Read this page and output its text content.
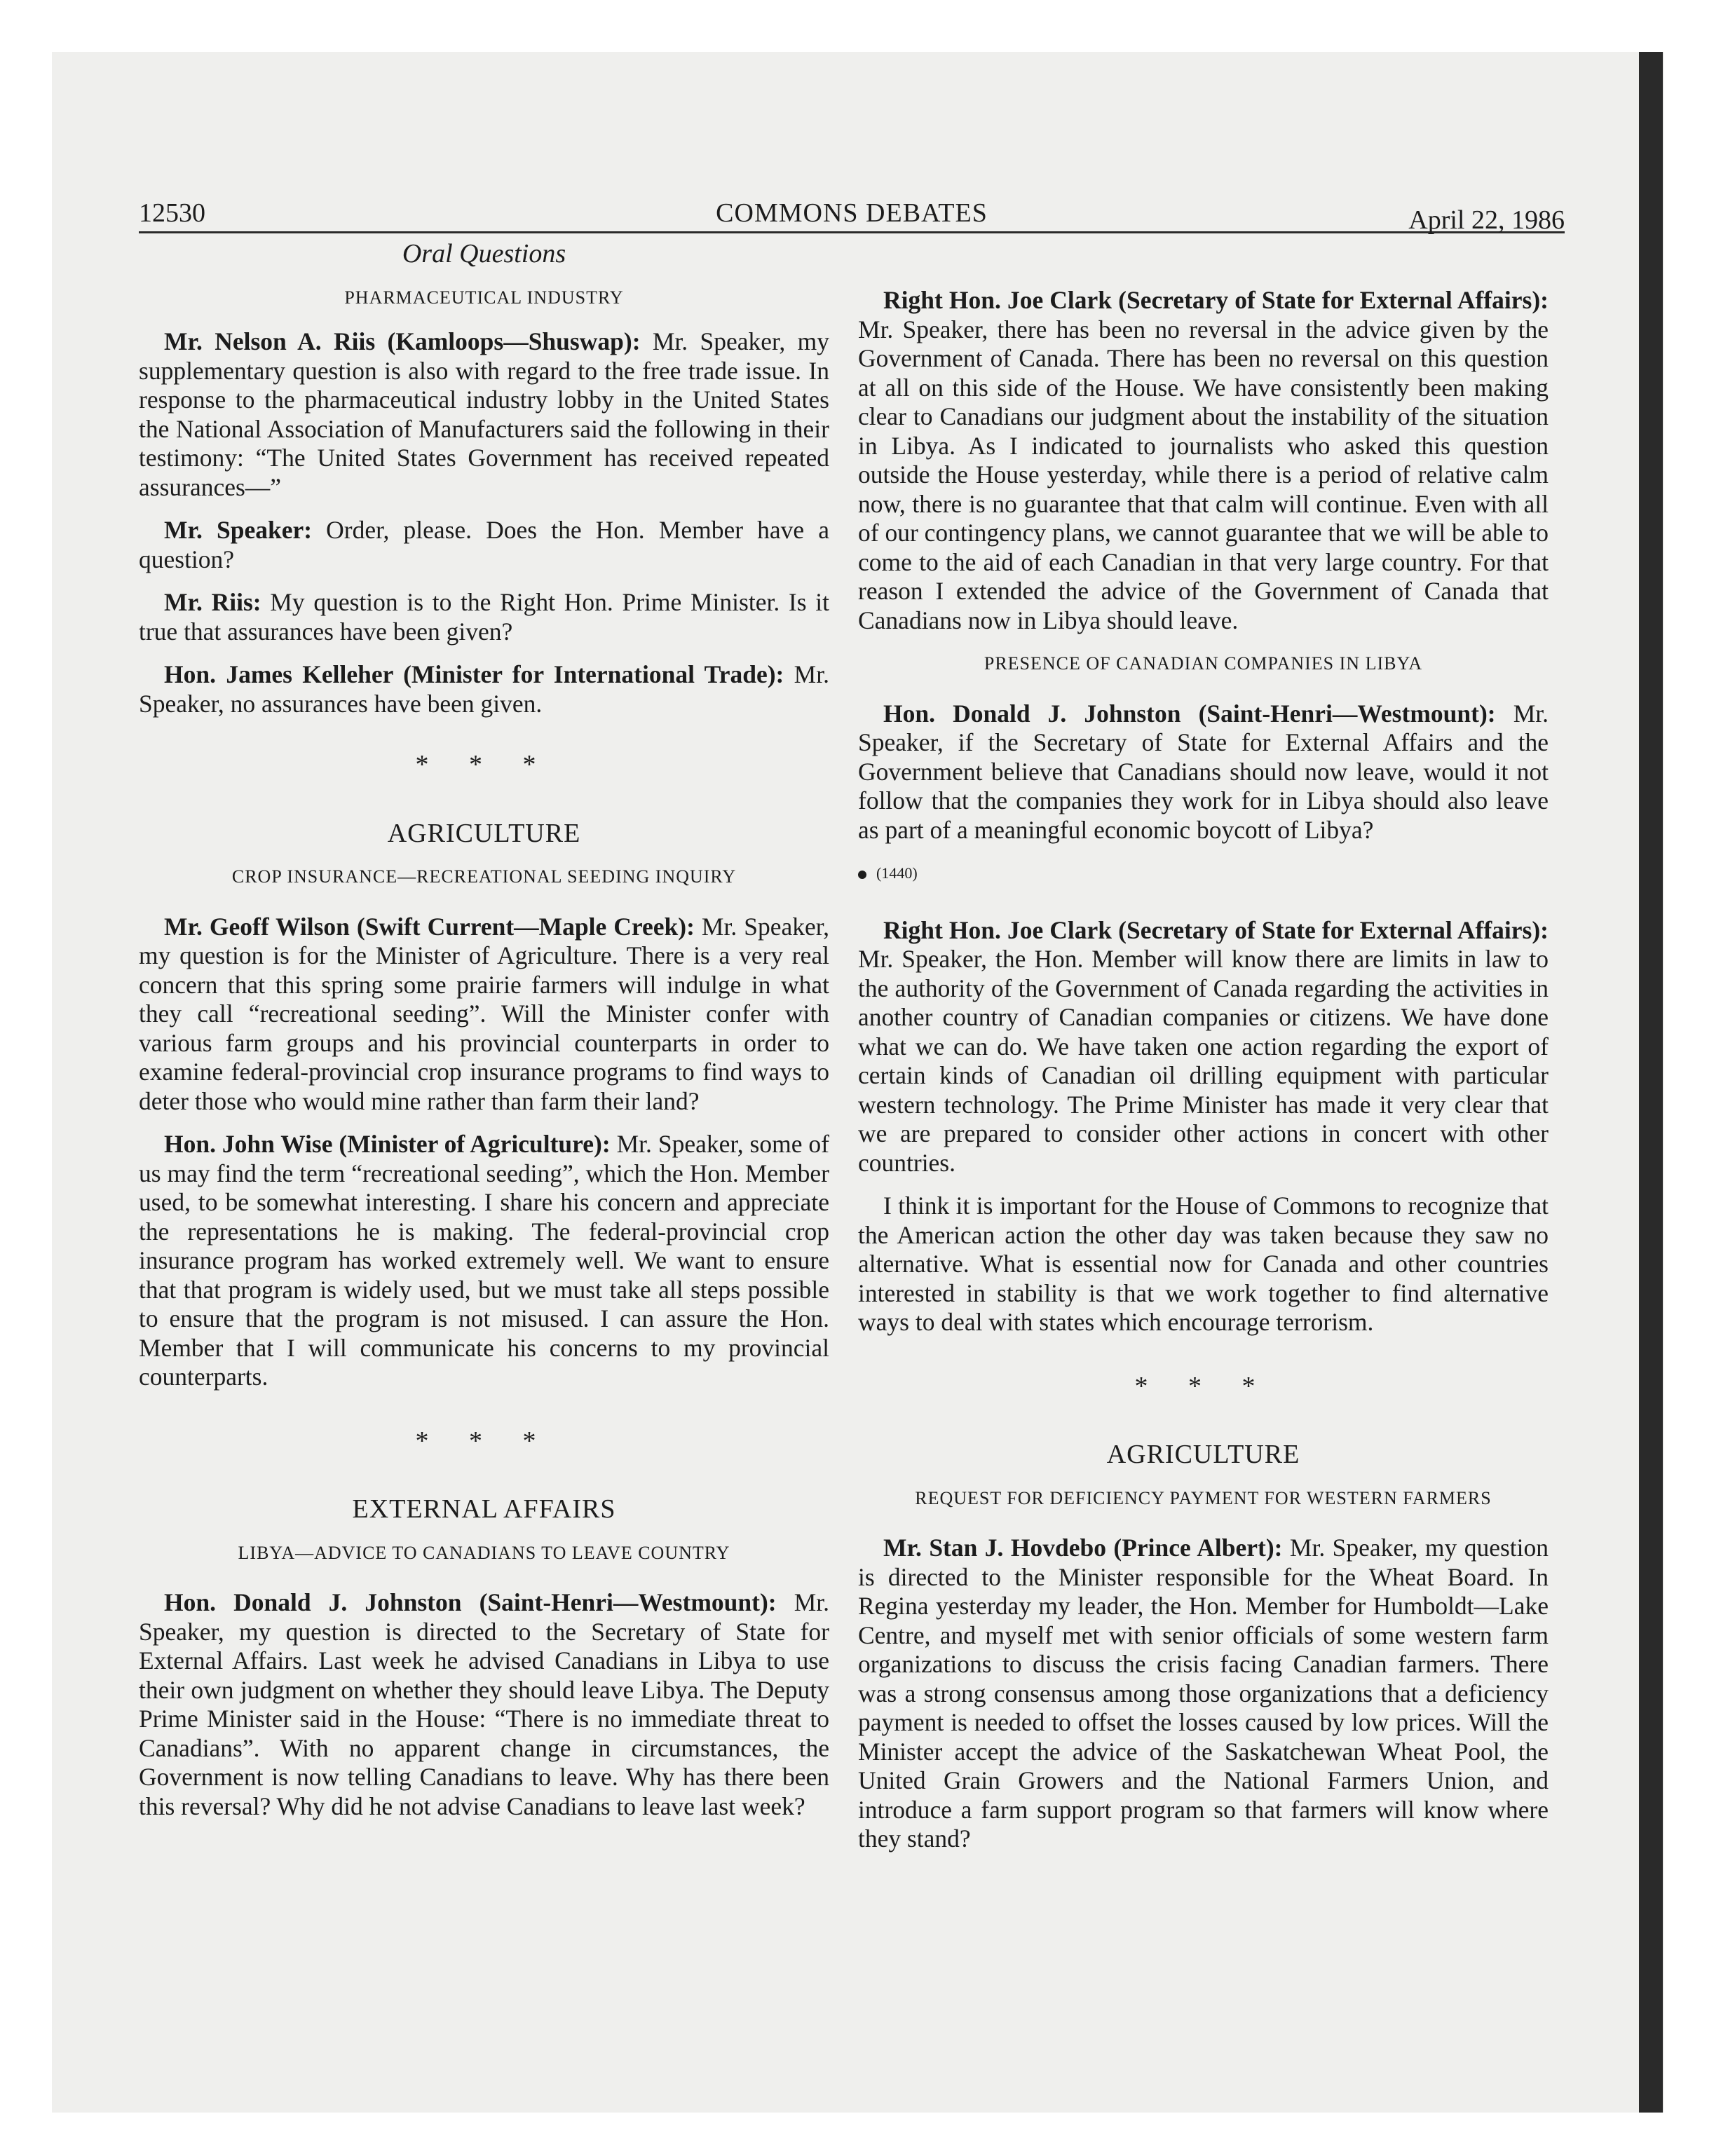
12530	COMMONS DEBATES	April 22, 1986
Oral Questions
PHARMACEUTICAL INDUSTRY

Mr. Nelson A. Riis (Kamloops—Shuswap): Mr. Speaker, my supplementary question is also with regard to the free trade issue. In response to the pharmaceutical industry lobby in the United States the National Association of Manufacturers said the following in their testimony: “The United States Government has received repeated assurances—”

Mr. Speaker: Order, please. Does the Hon. Member have a question?

Mr. Riis: My question is to the Right Hon. Prime Minister. Is it true that assurances have been given?

Hon. James Kelleher (Minister for International Trade): Mr. Speaker, no assurances have been given.

* * *
AGRICULTURE
CROP INSURANCE—RECREATIONAL SEEDING INQUIRY

Mr. Geoff Wilson (Swift Current—Maple Creek): Mr. Speaker, my question is for the Minister of Agriculture. There is a very real concern that this spring some prairie farmers will indulge in what they call “recreational seeding”. Will the Minister confer with various farm groups and his provincial counterparts in order to examine federal-provincial crop insurance programs to find ways to deter those who would mine rather than farm their land?

Hon. John Wise (Minister of Agriculture): Mr. Speaker, some of us may find the term “recreational seeding”, which the Hon. Member used, to be somewhat interesting. I share his concern and appreciate the representations he is making. The federal-provincial crop insurance program has worked extremely well. We want to ensure that that program is widely used, but we must take all steps possible to ensure that the program is not misused. I can assure the Hon. Member that I will communicate his concerns to my provincial counterparts.

* * *
EXTERNAL AFFAIRS
LIBYA—ADVICE TO CANADIANS TO LEAVE COUNTRY

Hon. Donald J. Johnston (Saint-Henri—Westmount): Mr. Speaker, my question is directed to the Secretary of State for External Affairs. Last week he advised Canadians in Libya to use their own judgment on whether they should leave Libya. The Deputy Prime Minister said in the House: “There is no immediate threat to Canadians”. With no apparent change in circumstances, the Government is now telling Canadians to leave. Why has there been this reversal? Why did he not advise Canadians to leave last week?

Right Hon. Joe Clark (Secretary of State for External Affairs): Mr. Speaker, there has been no reversal in the advice given by the Government of Canada. There has been no reversal on this question at all on this side of the House. We have consistently been making clear to Canadians our judgment about the instability of the situation in Libya. As I indicated to journalists who asked this question outside the House yesterday, while there is a period of relative calm now, there is no guarantee that that calm will continue. Even with all of our contingency plans, we cannot guarantee that we will be able to come to the aid of each Canadian in that very large country. For that reason I extended the advice of the Government of Canada that Canadians now in Libya should leave.

PRESENCE OF CANADIAN COMPANIES IN LIBYA

Hon. Donald J. Johnston (Saint-Henri—Westmount): Mr. Speaker, if the Secretary of State for External Affairs and the Government believe that Canadians should now leave, would it not follow that the companies they work for in Libya should also leave as part of a meaningful economic boycott of Libya?

(1440)

Right Hon. Joe Clark (Secretary of State for External Affairs): Mr. Speaker, the Hon. Member will know there are limits in law to the authority of the Government of Canada regarding the activities in another country of Canadian companies or citizens. We have done what we can do. We have taken one action regarding the export of certain kinds of Canadian oil drilling equipment with particular western technology. The Prime Minister has made it very clear that we are prepared to consider other actions in concert with other countries.

I think it is important for the House of Commons to recognize that the American action the other day was taken because they saw no alternative. What is essential now for Canada and other countries interested in stability is that we work together to find alternative ways to deal with states which encourage terrorism.

* * *
AGRICULTURE
REQUEST FOR DEFICIENCY PAYMENT FOR WESTERN FARMERS

Mr. Stan J. Hovdebo (Prince Albert): Mr. Speaker, my question is directed to the Minister responsible for the Wheat Board. In Regina yesterday my leader, the Hon. Member for Humboldt—Lake Centre, and myself met with senior officials of some western farm organizations to discuss the crisis facing Canadian farmers. There was a strong consensus among those organizations that a deficiency payment is needed to offset the losses caused by low prices. Will the Minister accept the advice of the Saskatchewan Wheat Pool, the United Grain Growers and the National Farmers Union, and introduce a farm support program so that farmers will know where they stand?
